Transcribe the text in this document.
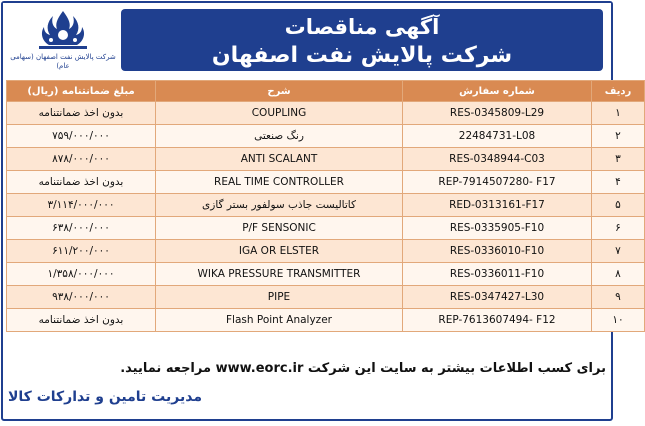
شرکت پالایش نفت اصفهان (سهامی عام)
آگهی مناقصات
شرکت پالایش نفت اصفهان
ردیف	شماره سفارش	شرح	مبلغ ضمانتنامه (ریال)
۱	RES-0345809-L29	COUPLING	بدون اخذ ضمانتنامه
۲	22484731-L08	رنگ صنعتی	۷۵۹/۰۰۰/۰۰۰
۳	RES-0348944-C03	ANTI SCALANT	۸۷۸/۰۰۰/۰۰۰
۴	REP-7914507280- F17	REAL TIME CONTROLLER	بدون اخذ ضمانتنامه
۵	RED-0313161-F17	کاتالیست جاذب سولفور بستر گازی	۳/۱۱۴/۰۰۰/۰۰۰
۶	RES-0335905-F10	P/F SENSONIC	۶۳۸/۰۰۰/۰۰۰
۷	RES-0336010-F10	IGA OR ELSTER	۶۱۱/۲۰۰/۰۰۰
۸	RES-0336011-F10	WIKA PRESSURE TRANSMITTER	۱/۳۵۸/۰۰۰/۰۰۰
۹	RES-0347427-L30	PIPE	۹۳۸/۰۰۰/۰۰۰
۱۰	REP-7613607494- F12	Flash Point Analyzer	بدون اخذ ضمانتنامه
برای کسب اطلاعات بیشتر به سایت این شرکت www.eorc.ir مراجعه نمایید.
مدیریت تامین و تدارکات کالا
